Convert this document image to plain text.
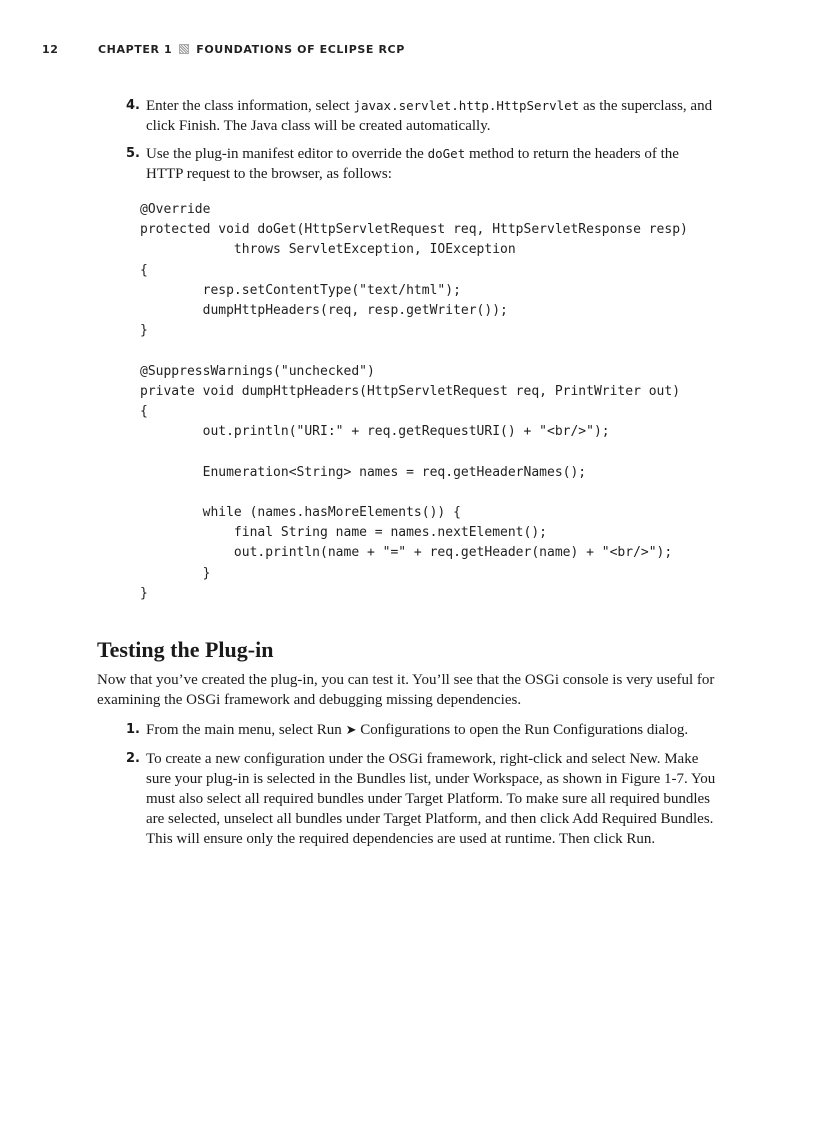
12	CHAPTER 1 FOUNDATIONS OF ECLIPSE RCP
4. Enter the class information, select javax.servlet.http.HttpServlet as the superclass, and click Finish. The Java class will be created automatically.
5. Use the plug-in manifest editor to override the doGet method to return the headers of the HTTP request to the browser, as follows:
@Override
protected void doGet(HttpServletRequest req, HttpServletResponse resp)
throws ServletException, IOException
{
resp.setContentType("text/html");
dumpHttpHeaders(req, resp.getWriter());
}

@SuppressWarnings("unchecked")
private void dumpHttpHeaders(HttpServletRequest req, PrintWriter out)
{
out.println("URI:" + req.getRequestURI() + "<br/>");

Enumeration<String> names = req.getHeaderNames();

while (names.hasMoreElements()) {
final String name = names.nextElement();
out.println(name + "=" + req.getHeader(name) + "<br/>");
}
}
Testing the Plug-in

Now that you’ve created the plug-in, you can test it. You’ll see that the OSGi console is very useful for examining the OSGi framework and debugging missing dependencies.

1. From the main menu, select Run ➤ Configurations to open the Run Configurations dialog.
2. To create a new configuration under the OSGi framework, right-click and select New. Make sure your plug-in is selected in the Bundles list, under Workspace, as shown in Figure 1-7. You must also select all required bundles under Target Platform. To make sure all required bundles are selected, unselect all bundles under Target Platform, and then click Add Required Bundles. This will ensure only the required dependencies are used at runtime. Then click Run.
